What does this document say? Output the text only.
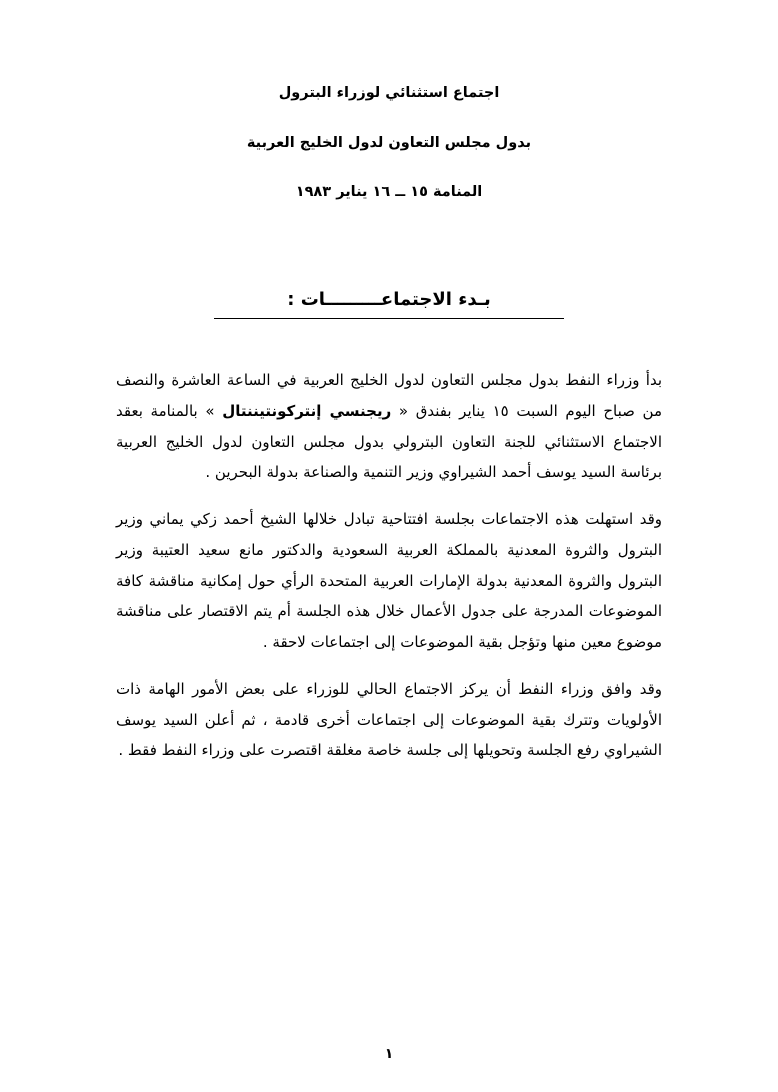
اجتماع استثنائي لوزراء البترول
بدول مجلس التعاون لدول الخليج العربية
المنامة ١٥ ــ ١٦ يناير ١٩٨٣
بـدء الاجتماعـــــــــات :

بدأ وزراء النفط بدول مجلس التعاون لدول الخليج العربية في الساعة العاشرة والنصف من صباح اليوم السبت ١٥ يناير بفندق « ريجنسي إنتركونتيننتال » بالمنامة بعقد الاجتماع الاستثنائي للجنة التعاون البترولي بدول مجلس التعاون لدول الخليج العربية برئاسة السيد يوسف أحمد الشيراوي وزير التنمية والصناعة بدولة البحرين .

وقد استهلت هذه الاجتماعات بجلسة افتتاحية تبادل خلالها الشيخ أحمد زكي يماني وزير البترول والثروة المعدنية بالمملكة العربية السعودية والدكتور مانع سعيد العتيبة وزير البترول والثروة المعدنية بدولة الإمارات العربية المتحدة الرأي حول إمكانية مناقشة كافة الموضوعات المدرجة على جدول الأعمال خلال هذه الجلسة أم يتم الاقتصار على مناقشة موضوع معين منها وتؤجل بقية الموضوعات إلى اجتماعات لاحقة .

وقد وافق وزراء النفط أن يركز الاجتماع الحالي للوزراء على بعض الأمور الهامة ذات الأولويات وتترك بقية الموضوعات إلى اجتماعات أخرى قادمة ، ثم أعلن السيد يوسف الشيراوي رفع الجلسة وتحويلها إلى جلسة خاصة مغلقة اقتصرت على وزراء النفط فقط .

١
